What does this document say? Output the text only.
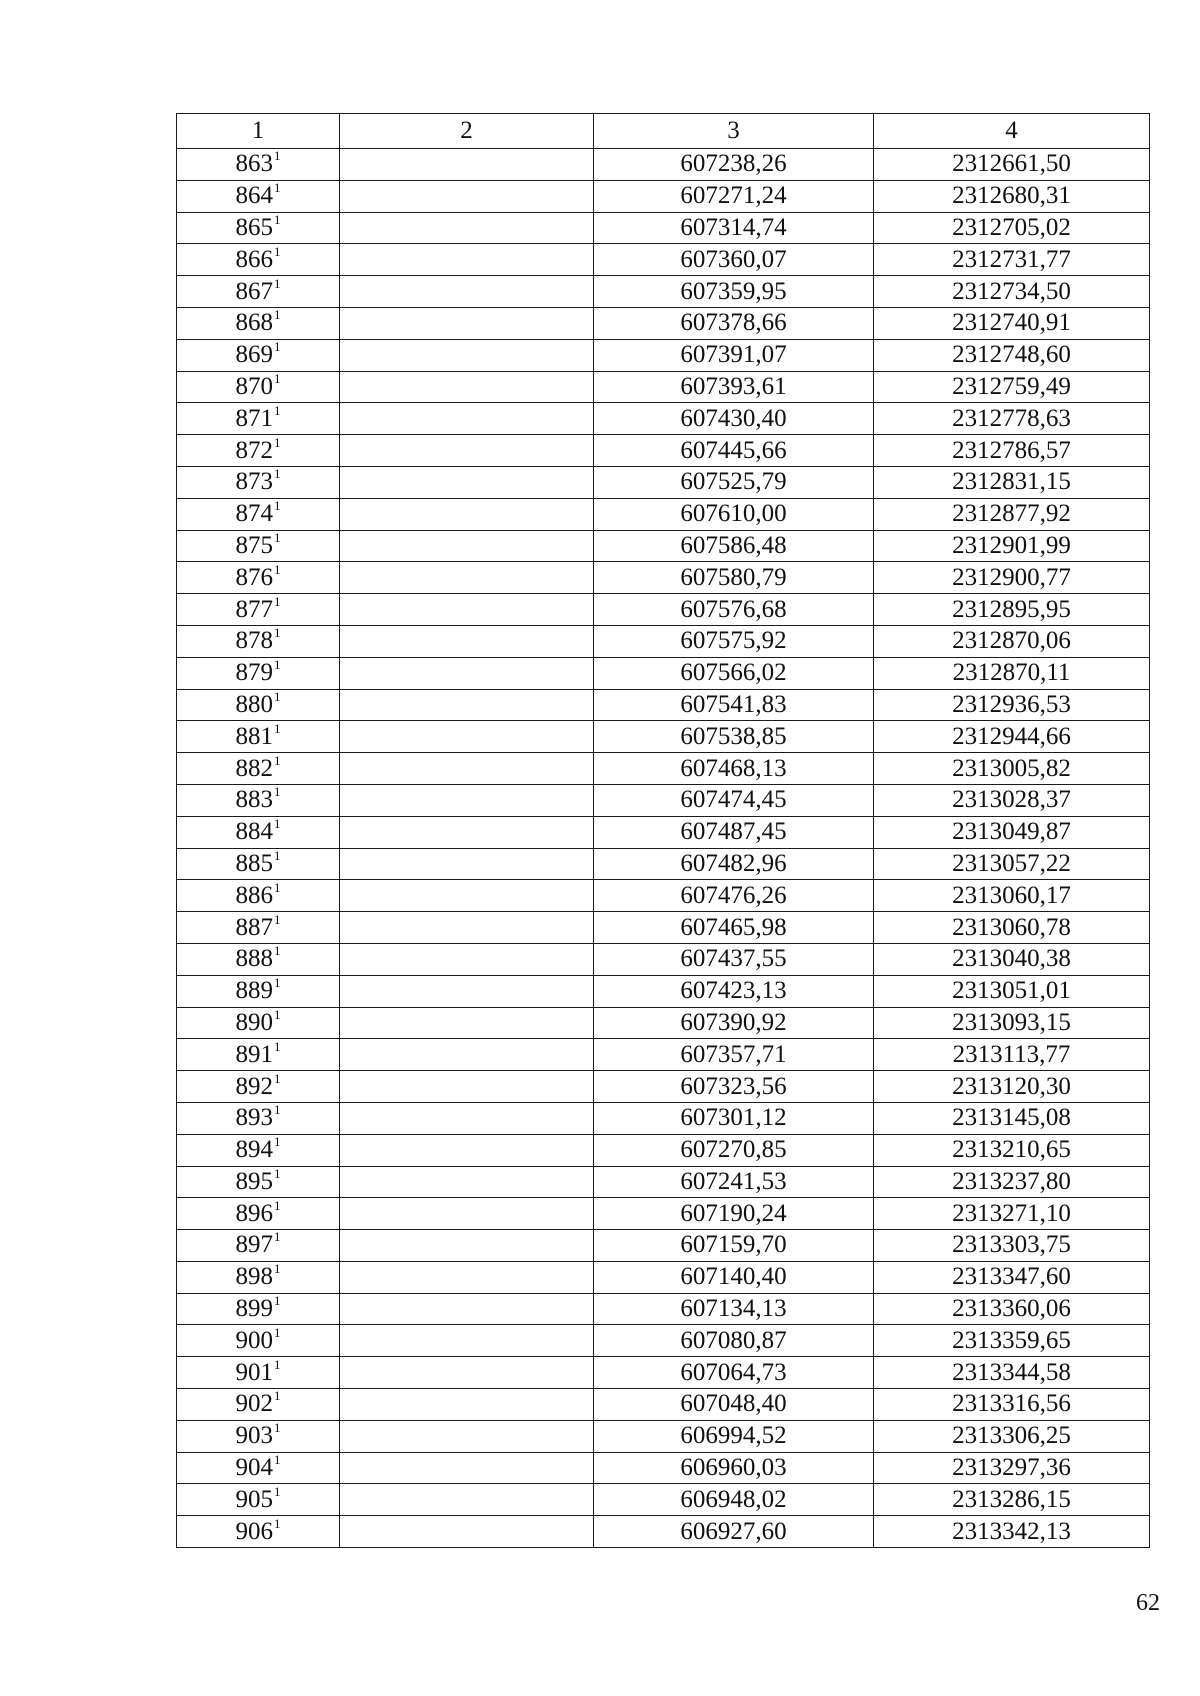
1	2	3	4
$863^1$		607238,26	2312661,50
$864^1$		607271,24	2312680,31
$865^1$		607314,74	2312705,02
$866^1$		607360,07	2312731,77
$867^1$		607359,95	2312734,50
$868^1$		607378,66	2312740,91
$869^1$		607391,07	2312748,60
$870^1$		607393,61	2312759,49
$871^1$		607430,40	2312778,63
$872^1$		607445,66	2312786,57
$873^1$		607525,79	2312831,15
$874^1$		607610,00	2312877,92
$875^1$		607586,48	2312901,99
$876^1$		607580,79	2312900,77
$877^1$		607576,68	2312895,95
$878^1$		607575,92	2312870,06
$879^1$		607566,02	2312870,11
$880^1$		607541,83	2312936,53
$881^1$		607538,85	2312944,66
$882^1$		607468,13	2313005,82
$883^1$		607474,45	2313028,37
$884^1$		607487,45	2313049,87
$885^1$		607482,96	2313057,22
$886^1$		607476,26	2313060,17
$887^1$		607465,98	2313060,78
$888^1$		607437,55	2313040,38
$889^1$		607423,13	2313051,01
$890^1$		607390,92	2313093,15
$891^1$		607357,71	2313113,77
$892^1$		607323,56	2313120,30
$893^1$		607301,12	2313145,08
$894^1$		607270,85	2313210,65
$895^1$		607241,53	2313237,80
$896^1$		607190,24	2313271,10
$897^1$		607159,70	2313303,75
$898^1$		607140,40	2313347,60
$899^1$		607134,13	2313360,06
$900^1$		607080,87	2313359,65
$901^1$		607064,73	2313344,58
$902^1$		607048,40	2313316,56
$903^1$		606994,52	2313306,25
$904^1$		606960,03	2313297,36
$905^1$		606948,02	2313286,15
$906^1$		606927,60	2313342,13
62
